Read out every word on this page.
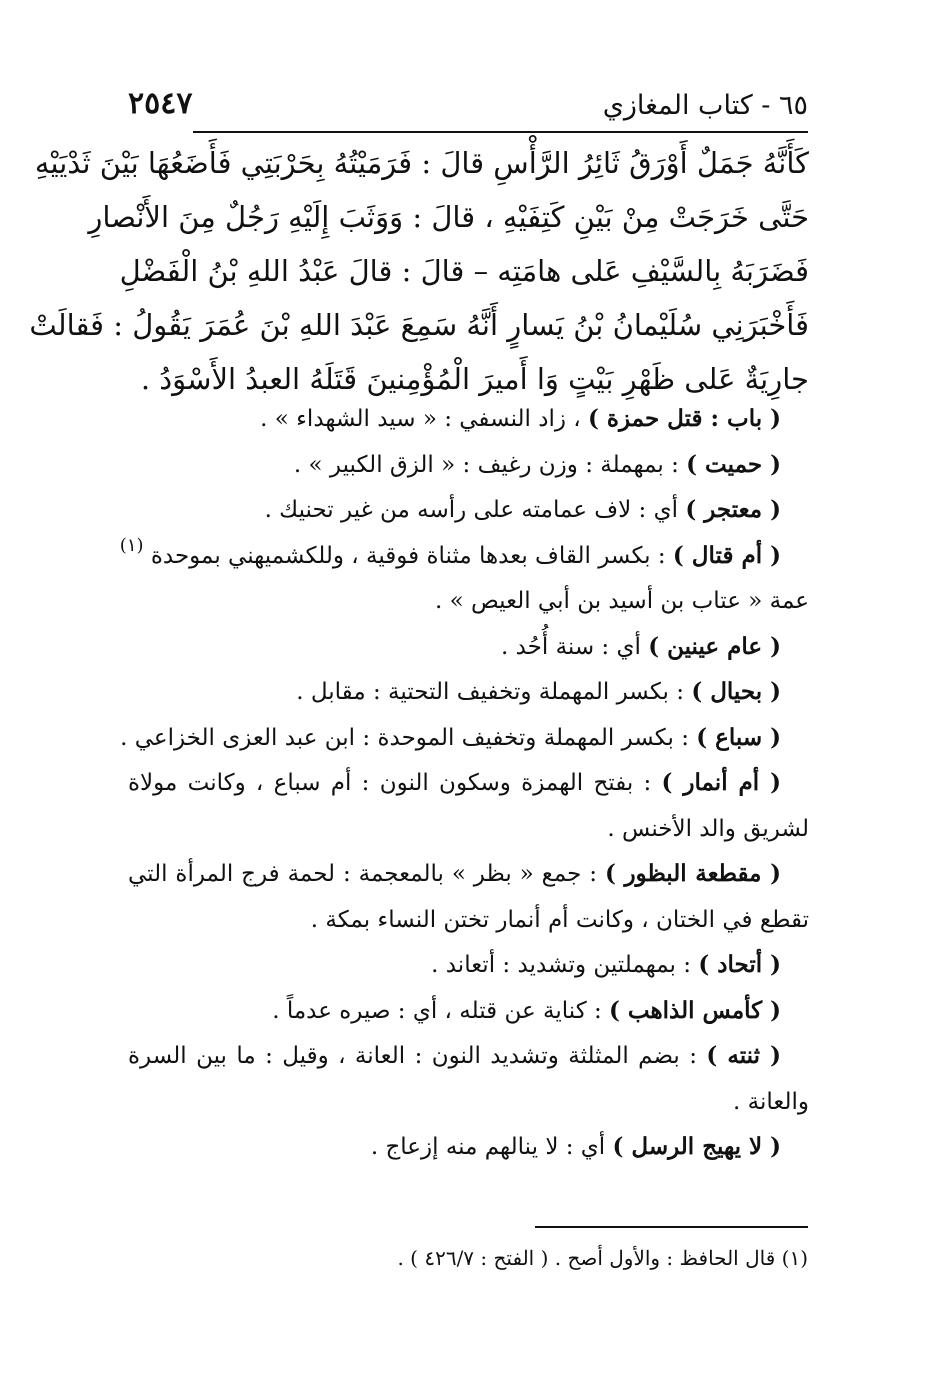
٦٥ - كتاب المغازي
٢٥٤٧
كَأَنَّهُ جَمَلٌ أَوْرَقُ ثَائِرُ الرَّأْسِ قالَ : فَرَمَيْتُهُ بِحَرْبَتِي فَأَضَعُهَا بَيْنَ ثَدْيَيْهِ
حَتَّى خَرَجَتْ مِنْ بَيْنِ كَتِفَيْهِ ، قالَ : وَوَثَبَ إِلَيْهِ رَجُلٌ مِنَ الأَنْصارِ
فَضَرَبَهُ بِالسَّيْفِ عَلى هامَتِه – قالَ : قالَ عَبْدُ اللهِ بْنُ الْفَضْلِ
فَأَخْبَرَنِي سُلَيْمانُ بْنُ يَسارٍ أَنَّهُ سَمِعَ عَبْدَ اللهِ بْنَ عُمَرَ يَقُولُ : فَقالَتْ
جارِيَةٌ عَلى ظَهْرِ بَيْتٍ وَا أَميرَ الْمُؤْمِنينَ قَتَلَهُ العبدُ الأَسْوَدُ .
( باب : قتل حمزة ) ، زاد النسفي : « سيد الشهداء » .
( حميت ) : بمهملة : وزن رغيف : « الزق الكبير » .
( معتجر ) أي : لاف عمامته على رأسه من غير تحنيك .
( أم قتال ) : بكسر القاف بعدها مثناة فوقية ، وللكشميهني بموحدة $^{(١)}$
عمة « عتاب بن أسيد بن أبي العيص » .
( عام عينين ) أي : سنة أُحُد .
( بحيال ) : بكسر المهملة وتخفيف التحتية : مقابل .
( سباع ) : بكسر المهملة وتخفيف الموحدة : ابن عبد العزى الخزاعي .
( أم أنمار ) : بفتح الهمزة وسكون النون : أم سباع ، وكانت مولاة
لشريق والد الأخنس .
( مقطعة البظور ) : جمع « بظر » بالمعجمة : لحمة فرج المرأة التي
تقطع في الختان ، وكانت أم أنمار تختن النساء بمكة .
( أتحاد ) : بمهملتين وتشديد : أتعاند .
( كأمس الذاهب ) : كناية عن قتله ، أي : صيره عدماً .
( ثنته ) : بضم المثلثة وتشديد النون : العانة ، وقيل : ما بين السرة
والعانة .
( لا يهيج الرسل ) أي : لا ينالهم منه إزعاج .
(١) قال الحافظ : والأول أصح . ( الفتح : ٤٢٦/٧ ) .
